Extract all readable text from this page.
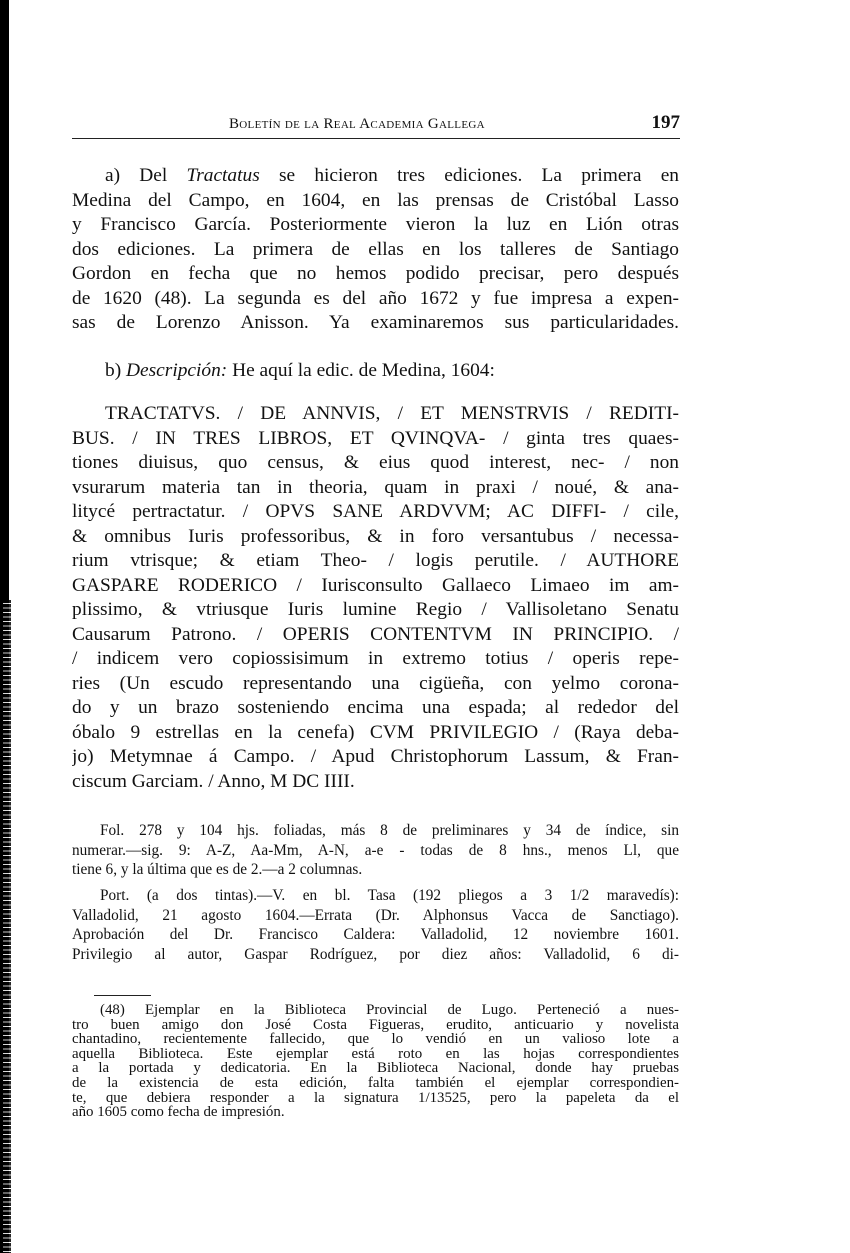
Boletín de la Real Academia Gallega	197
a) Del Tractatus se hicieron tres ediciones. La primera en
Medina del Campo, en 1604, en las prensas de Cristóbal Lasso
y Francisco García. Posteriormente vieron la luz en Lión otras
dos ediciones. La primera de ellas en los talleres de Santiago
Gordon en fecha que no hemos podido precisar, pero después
de 1620 (48). La segunda es del año 1672 y fue impresa a expen-
sas de Lorenzo Anisson. Ya examinaremos sus particularidades.
b) Descripción: He aquí la edic. de Medina, 1604:
TRACTATVS. / DE ANNVIS, / ET MENSTRVIS / REDITI-
BUS. / IN TRES LIBROS, ET QVINQVA- / ginta tres quaes-
tiones diuisus, quo census, & eius quod interest, nec- / non
vsurarum materia tan in theoria, quam in praxi / noué, & ana-
litycé pertractatur. / OPVS SANE ARDVVM; AC DIFFI- / cile,
& omnibus Iuris professoribus, & in foro versantubus / necessa-
rium vtrisque; & etiam Theo- / logis perutile. / AUTHORE
GASPARE RODERICO / Iurisconsulto Gallaeco Limaeo im am-
plissimo, & vtriusque Iuris lumine Regio / Vallisoletano Senatu
Causarum Patrono. / OPERIS CONTENTVM IN PRINCIPIO. /
/ indicem vero copiossisimum in extremo totius / operis repe-
ries (Un escudo representando una cigüeña, con yelmo corona-
do y un brazo sosteniendo encima una espada; al rededor del
óbalo 9 estrellas en la cenefa) CVM PRIVILEGIO / (Raya deba-
jo) Metymnae á Campo. / Apud Christophorum Lassum, & Fran-
ciscum Garciam. / Anno, M DC IIII.
Fol. 278 y 104 hjs. foliadas, más 8 de preliminares y 34 de índice, sin
numerar.—sig. 9: A-Z, Aa-Mm, A-N, a-e - todas de 8 hns., menos Ll, que
tiene 6, y la última que es de 2.—a 2 columnas.
Port. (a dos tintas).—V. en bl. Tasa (192 pliegos a 3 1/2 maravedís):
Valladolid, 21 agosto 1604.—Errata (Dr. Alphonsus Vacca de Sanctiago).
Aprobación del Dr. Francisco Caldera: Valladolid, 12 noviembre 1601.
Privilegio al autor, Gaspar Rodríguez, por diez años: Valladolid, 6 di-
(48) Ejemplar en la Biblioteca Provincial de Lugo. Perteneció a nues-
tro buen amigo don José Costa Figueras, erudito, anticuario y novelista
chantadino, recientemente fallecido, que lo vendió en un valioso lote a
aquella Biblioteca. Este ejemplar está roto en las hojas correspondientes
a la portada y dedicatoria. En la Biblioteca Nacional, donde hay pruebas
de la existencia de esta edición, falta también el ejemplar correspondien-
te, que debiera responder a la signatura 1/13525, pero la papeleta da el
año 1605 como fecha de impresión.
